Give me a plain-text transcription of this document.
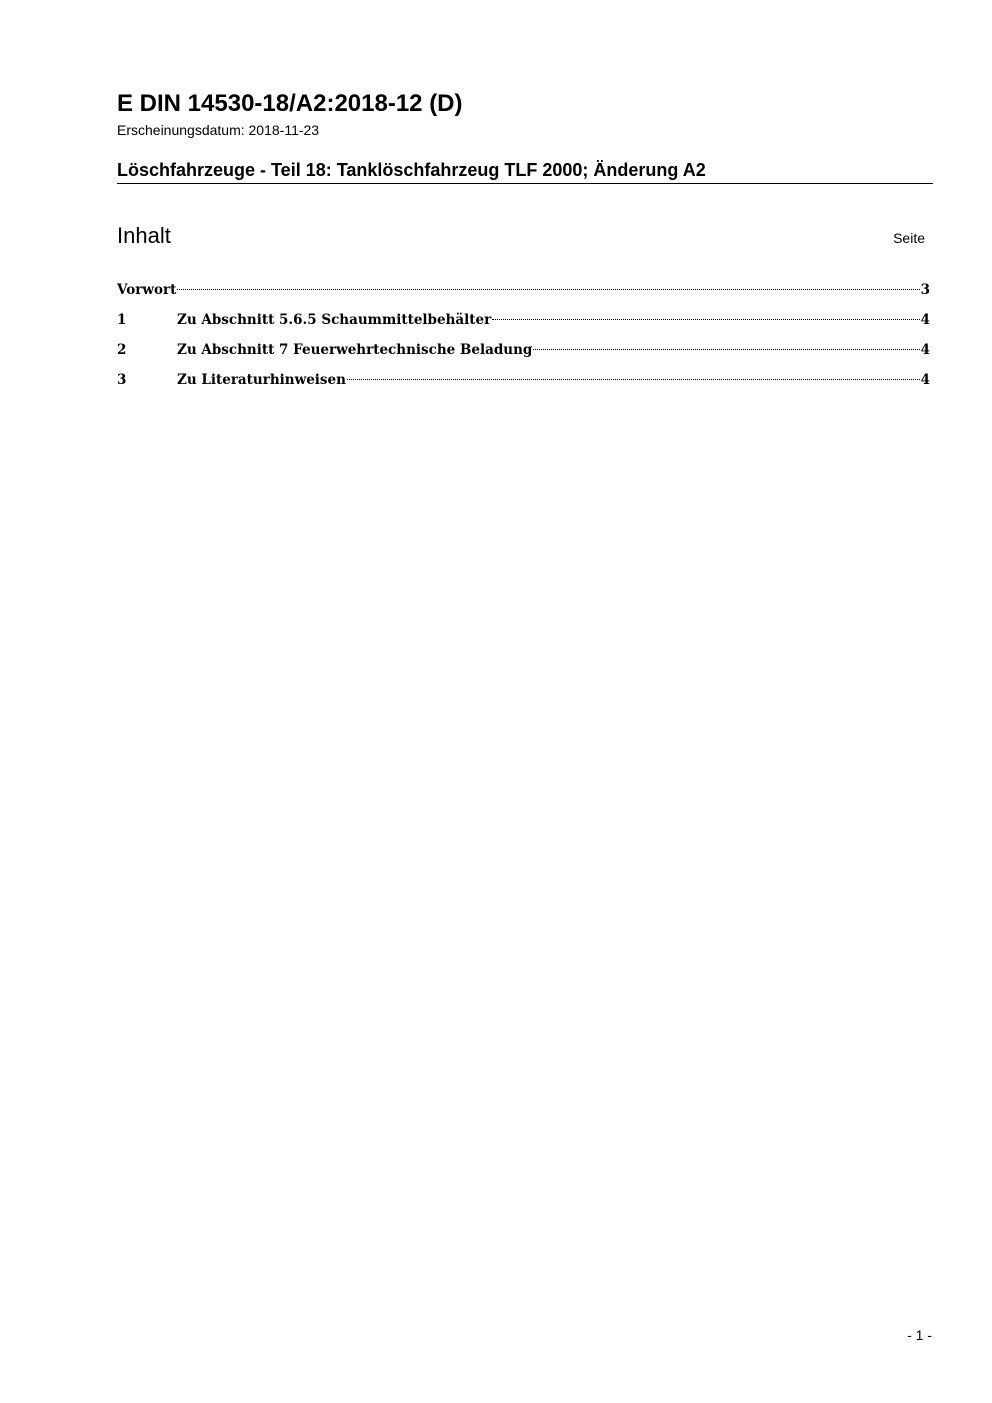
E DIN 14530-18/A2:2018-12 (D)
Erscheinungsdatum: 2018-11-23
Löschfahrzeuge - Teil 18: Tanklöschfahrzeug TLF 2000; Änderung A2
Inhalt	Seite
Vorwort	3
1	Zu Abschnitt 5.6.5 Schaummittelbehälter	4
2	Zu Abschnitt 7 Feuerwehrtechnische Beladung	4
3	Zu Literaturhinweisen	4
- 1 -
